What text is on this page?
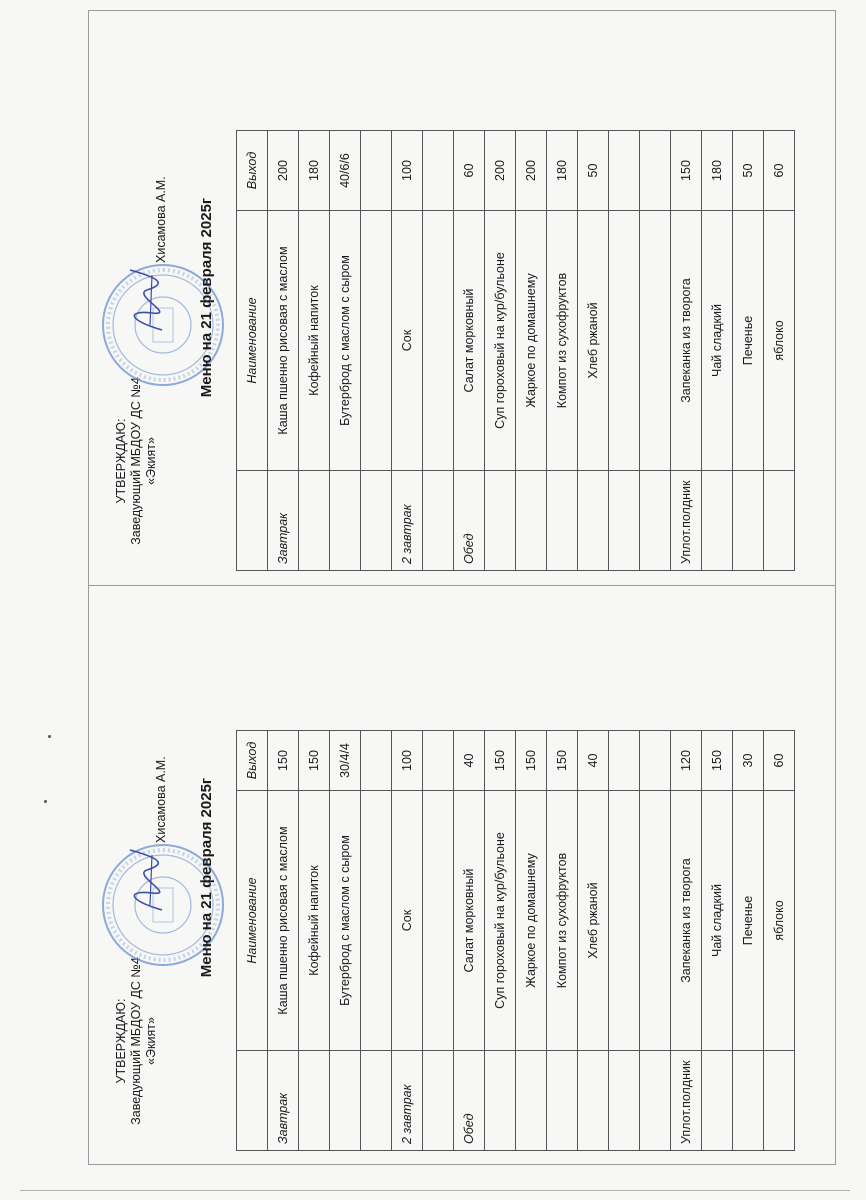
УТВЕРЖДАЮ: Заведующий МБДОУ ДС №4 «Экият»
Хисамова А.М. Меню на 21 февраля 2025г
	Наименование	Выход
Завтрак	Каша пшенно рисовая с маслом	150
	Кофейный напиток	150
	Бутерброд с маслом с сыром	30/4/4

2 завтрак	Сок	100

Обед	Салат морковный	40
	Суп гороховый на кур/бульоне	150
	Жаркое по домашнему	150
	Компот из сухофруктов	150
	Хлеб ржаной	40

Уплот.полдник	Запеканка из творога	120
	Чай сладкий	150
	Печенье	30
	яблоко	60
УТВЕРЖДАЮ: Заведующий МБДОУ ДС №4 «Экият»
Хисамова А.М. Меню на 21 февраля 2025г
	Наименование	Выход
Завтрак	Каша пшенно рисовая с маслом	200
	Кофейный напиток	180
	Бутерброд с маслом с сыром	40/6/6

2 завтрак	Сок	100

Обед	Салат морковный	60
	Суп гороховый на кур/бульоне	200
	Жаркое по домашнему	200
	Компот из сухофруктов	180
	Хлеб ржаной	50

Уплот.полдник	Запеканка из творога	150
	Чай сладкий	180
	Печенье	50
	яблоко	60
